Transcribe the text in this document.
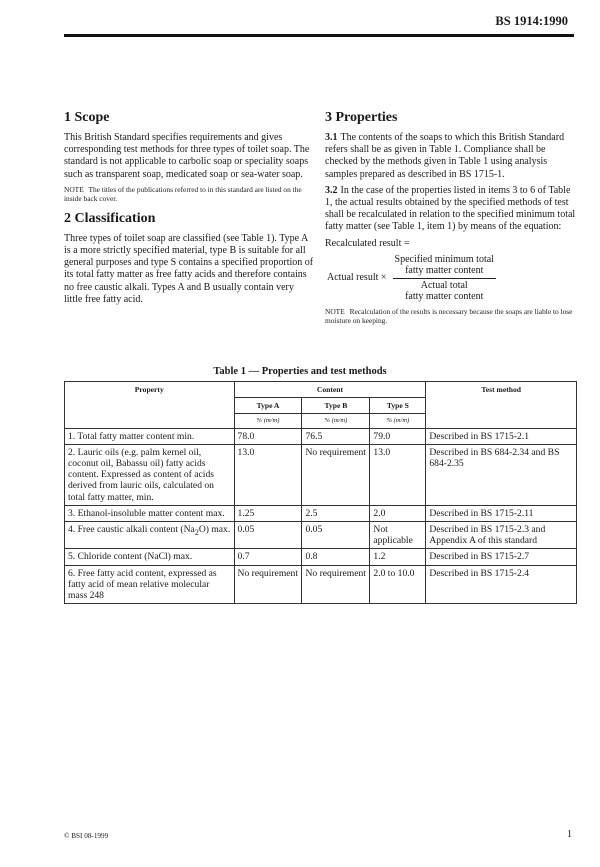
BS 1914:1990
1 Scope

This British Standard specifies requirements and gives corresponding test methods for three types of toilet soap. The standard is not applicable to carbolic soap or speciality soaps such as transparent soap, medicated soap or sea-water soap.

NOTE The titles of the publications referred to in this standard are listed on the inside back cover.
2 Classification

Three types of toilet soap are classified (see Table 1). Type A is a more strictly specified material, type B is suitable for all general purposes and type S contains a specified proportion of its total fatty matter as free fatty acids and therefore contains no free caustic alkali. Types A and B usually contain very little free fatty acid.

3 Properties

3.1 The contents of the soaps to which this British Standard refers shall be as given in Table 1. Compliance shall be checked by the methods given in Table 1 using analysis samples prepared as described in BS 1715-1.

3.2 In the case of the properties listed in items 3 to 6 of Table 1, the actual results obtained by the specified methods of test shall be recalculated in relation to the specified minimum total fatty matter (see Table 1, item 1) by means of the equation:

Recalculated result =
Actual result × Specified minimum total
fatty matter content
Actual total
fatty matter content
NOTE Recalculation of the results is necessary because the soaps are liable to lose moisture on keeping.
Table 1 — Properties and test methods
Property	Content			Test method
	Type A	Type B	Type S	
	% (m/m)	% (m/m)	% (m/m)	
1. Total fatty matter content min.	78.0	76.5	79.0	Described in BS 1715-2.1
2. Lauric oils (e.g. palm kernel oil, coconut oil, Babassu oil) fatty acids content. Expressed as content of acids derived from lauric oils, calculated on total fatty matter, min.	13.0	No requirement	13.0	Described in BS 684-2.34 and BS 684-2.35
3. Ethanol-insoluble matter content max.	1.25	2.5	2.0	Described in BS 1715-2.11
4. Free caustic alkali content $(Na_2O)$ max.	0.05	0.05	Not applicable	Described in BS 1715-2.3 and Appendix A of this standard
5. Chloride content (NaCl) max.	0.7	0.8	1.2	Described in BS 1715-2.7
6. Free fatty acid content, expressed as fatty acid of mean relative molecular mass 248	No requirement	No requirement	2.0 to 10.0	Described in BS 1715-2.4
© BSI 08-1999	1
